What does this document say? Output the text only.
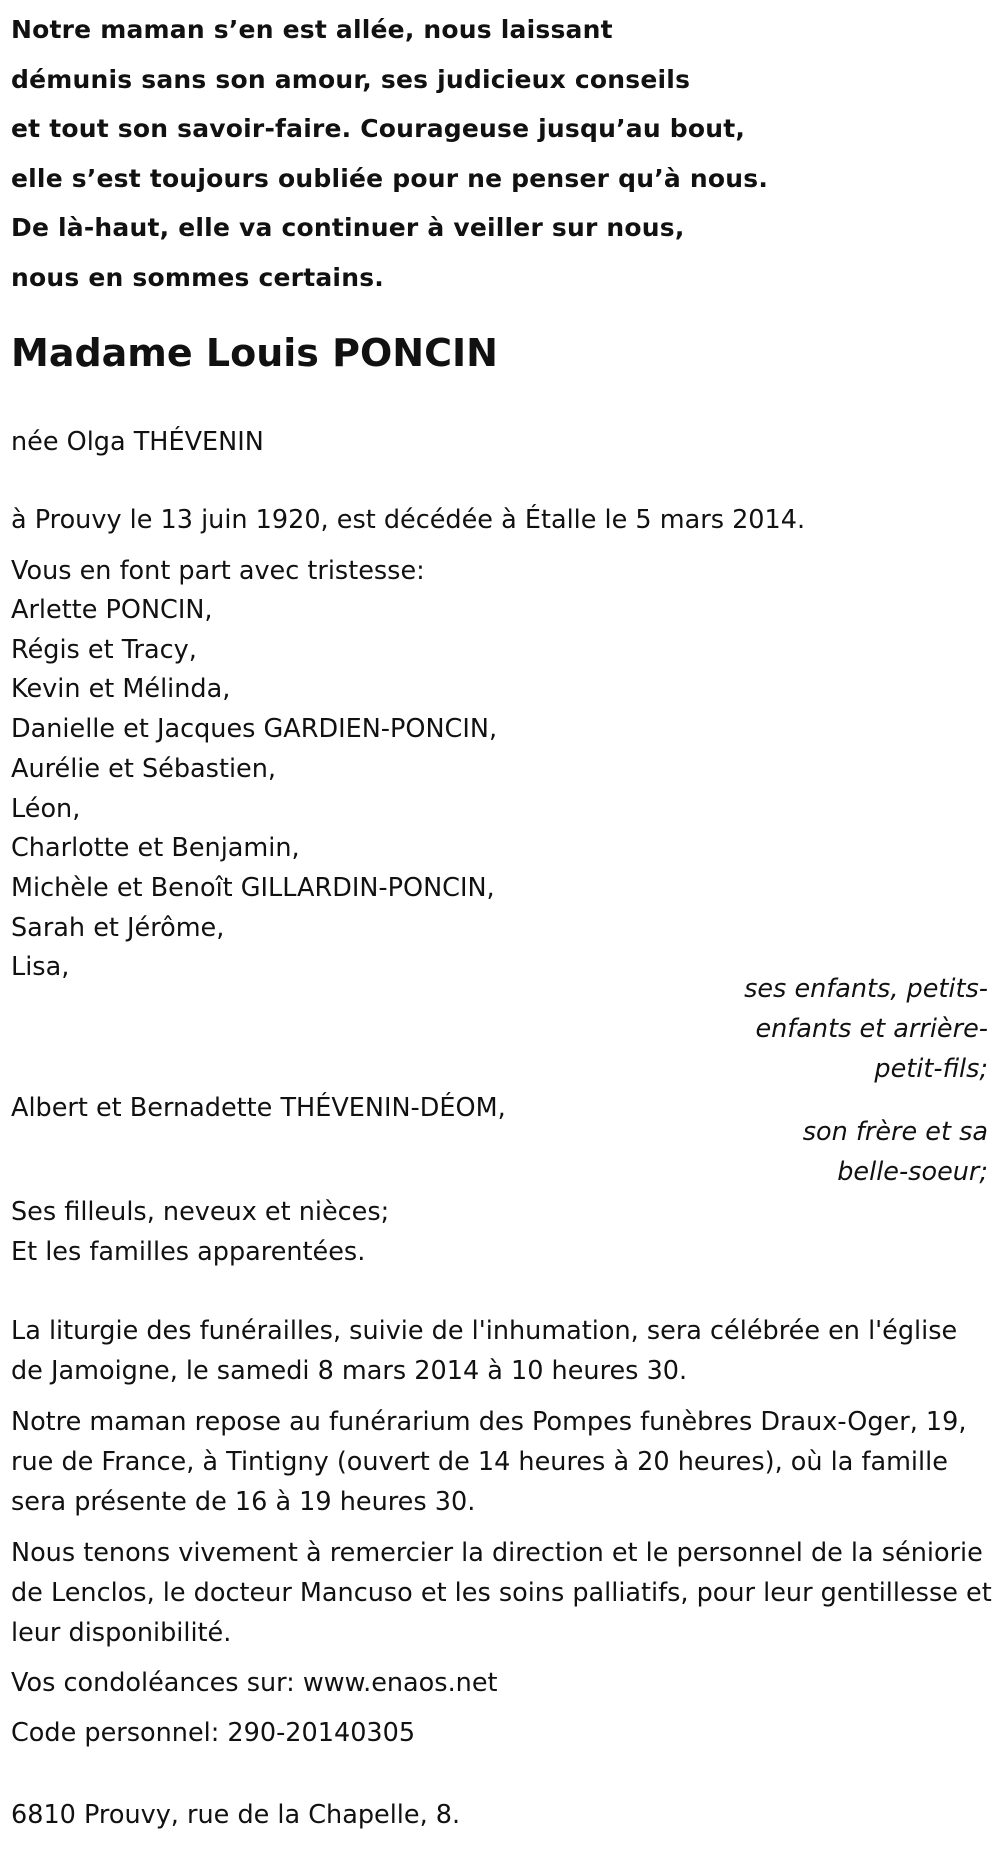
Notre maman s’en est allée, nous laissant
démunis sans son amour, ses judicieux conseils
et tout son savoir-faire. Courageuse jusqu’au bout,
elle s’est toujours oubliée pour ne penser qu’à nous.
De là-haut, elle va continuer à veiller sur nous,
nous en sommes certains.
Madame Louis PONCIN
née Olga THÉVENIN
à Prouvy le 13 juin 1920, est décédée à Étalle le 5 mars 2014.
Vous en font part avec tristesse:
Arlette PONCIN,
Régis et Tracy,
Kevin et Mélinda,
Danielle et Jacques GARDIEN-PONCIN,
Aurélie et Sébastien,
Léon,
Charlotte et Benjamin,
Michèle et Benoît GILLARDIN-PONCIN,
Sarah et Jérôme,
Lisa,
ses enfants, petits-
enfants et arrière-
petit-fils;
Albert et Bernadette THÉVENIN-DÉOM,
son frère et sa
belle-soeur;
Ses filleuls, neveux et nièces;
Et les familles apparentées.
La liturgie des funérailles, suivie de l'inhumation, sera célébrée en l'église de Jamoigne, le samedi 8 mars 2014 à 10 heures 30.
Notre maman repose au funérarium des Pompes funèbres Draux-Oger, 19, rue de France, à Tintigny (ouvert de 14 heures à 20 heures), où la famille sera présente de 16 à 19 heures 30.
Nous tenons vivement à remercier la direction et le personnel de la séniorie de Lenclos, le docteur Mancuso et les soins palliatifs, pour leur gentillesse et leur disponibilité.
Vos condoléances sur: www.enaos.net
Code personnel: 290-20140305
6810 Prouvy, rue de la Chapelle, 8.
